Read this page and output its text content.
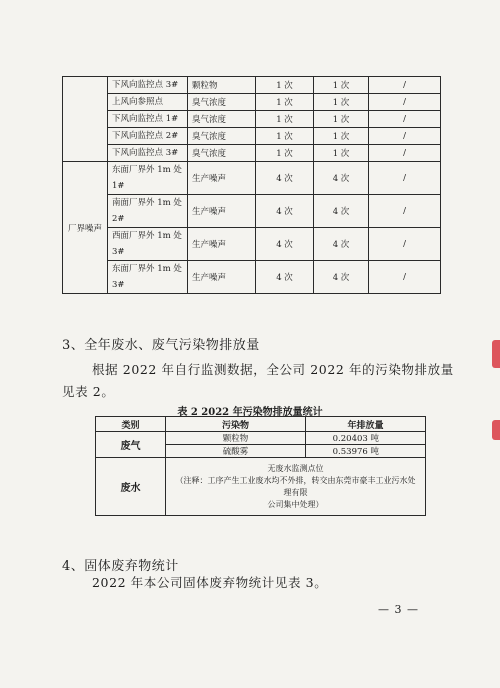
	下风向监控点 3#	颗粒物	1 次	1 次	/
	上风向参照点	臭气浓度	1 次	1 次	/
	下风向监控点 1#	臭气浓度	1 次	1 次	/
	下风向监控点 2#	臭气浓度	1 次	1 次	/
	下风向监控点 3#	臭气浓度	1 次	1 次	/
厂界噪声	东面厂界外 1m 处 1#	生产噪声	4 次	4 次	/
	南面厂界外 1m 处 2#	生产噪声	4 次	4 次	/
	西面厂界外 1m 处 3#	生产噪声	4 次	4 次	/
	东面厂界外 1m 处 3#	生产噪声	4 次	4 次	/
3、全年废水、废气污染物排放量
根据 2022 年自行监测数据，全公司 2022 年的污染物排放量
见表 2。
表 2 2022 年污染物排放量统计
类别	污染物	年排放量
废气	颗粒物	0.20403 吨
	硫酸雾	0.53976 吨
废水	无废水监测点位
（注释：工序产生工业废水均不外排，转交由东莞市豪丰工业污水处理有限
公司集中处理）	
4、固体废弃物统计
2022 年本公司固体废弃物统计见表 3。
— 3 —
